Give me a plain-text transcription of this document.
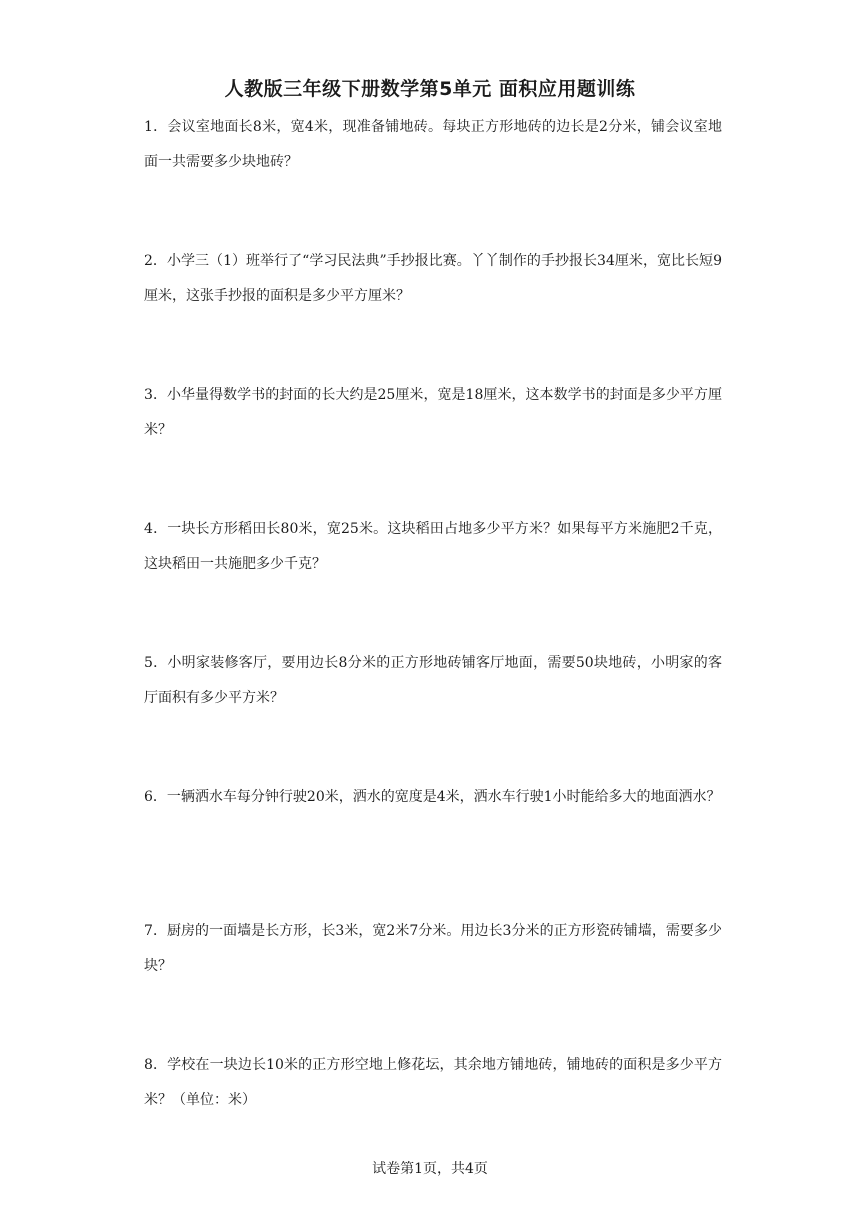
人教版三年级下册数学第5单元 面积应用题训练

1．会议室地面长8米，宽4米，现准备铺地砖。每块正方形地砖的边长是2分米，铺会议室地面一共需要多少块地砖？

2．小学三（1）班举行了“学习民法典”手抄报比赛。丫丫制作的手抄报长34厘米，宽比长短9厘米，这张手抄报的面积是多少平方厘米？

3．小华量得数学书的封面的长大约是25厘米，宽是18厘米，这本数学书的封面是多少平方厘米？

4．一块长方形稻田长80米，宽25米。这块稻田占地多少平方米？如果每平方米施肥2千克，这块稻田一共施肥多少千克？

5．小明家装修客厅，要用边长8分米的正方形地砖铺客厅地面，需要50块地砖，小明家的客厅面积有多少平方米？

6．一辆洒水车每分钟行驶20米，洒水的宽度是4米，洒水车行驶1小时能给多大的地面洒水？

7．厨房的一面墙是长方形，长3米，宽2米7分米。用边长3分米的正方形瓷砖铺墙，需要多少块？

8．学校在一块边长10米的正方形空地上修花坛，其余地方铺地砖，铺地砖的面积是多少平方米？（单位：米）

试卷第1页，共4页
